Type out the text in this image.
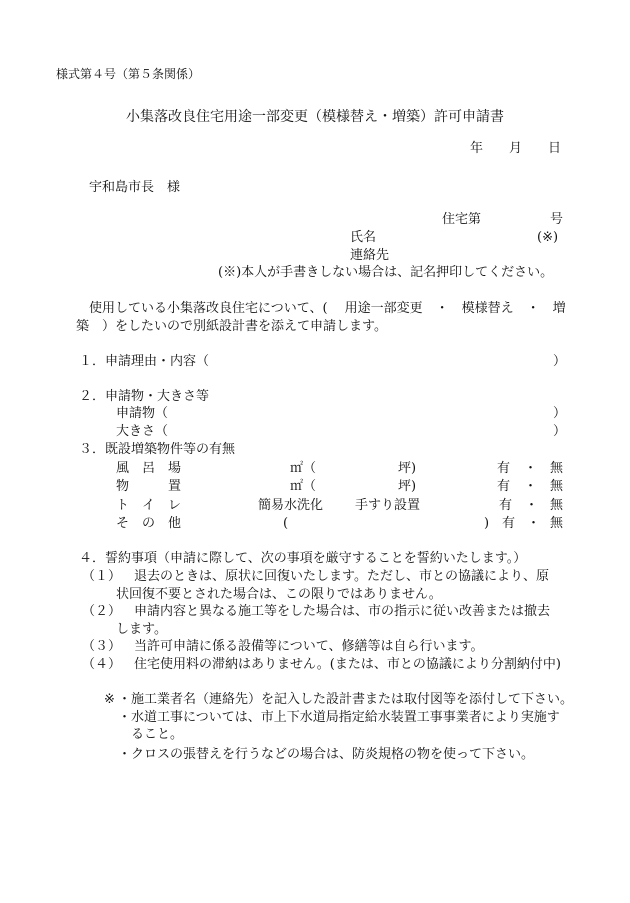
様式第４号（第５条関係）
小集落改良住宅用途一部変更（模様替え・増築）許可申請書
年 月 日
宇和島市長　様
住宅第	号
氏名	(※)
連絡先
(※)本人が手書きしない場合は、記名押印してください。
使用している小集落改良住宅について、(　 用途一部変更　・　模様替え　・　増
築　）をしたいので別紙設計書を添えて申請します。
１．申請理由・内容（	）
２．申請物・大きさ等
申請物（	）
大きさ（	）
３．既設増築物件等の有無
風　呂　場	㎡（	坪)	有 ・ 無
物　　　置	㎡（	坪)	有 ・ 無
ト　イ　レ	簡易水洗化 手すり設置	有 ・ 無
そ　の　他	(	) 有 ・ 無
４．誓約事項（申請に際して、次の事項を厳守することを誓約いたします。）
（１） 退去のときは、原状に回復いたします。ただし、市との協議により、原
状回復不要とされた場合は、この限りではありません。
（２） 申請内容と異なる施工等をした場合は、市の指示に従い改善または撤去
します。
（３） 当許可申請に係る設備等について、修繕等は自ら行います。
（４） 住宅使用料の滞納はありません。(または、市との協議により分割納付中)
※ ・施工業者名（連絡先）を記入した設計書または取付図等を添付して下さい。
・水道工事については、市上下水道局指定給水装置工事事業者により実施す
　ること。
・クロスの張替えを行うなどの場合は、防炎規格の物を使って下さい。
